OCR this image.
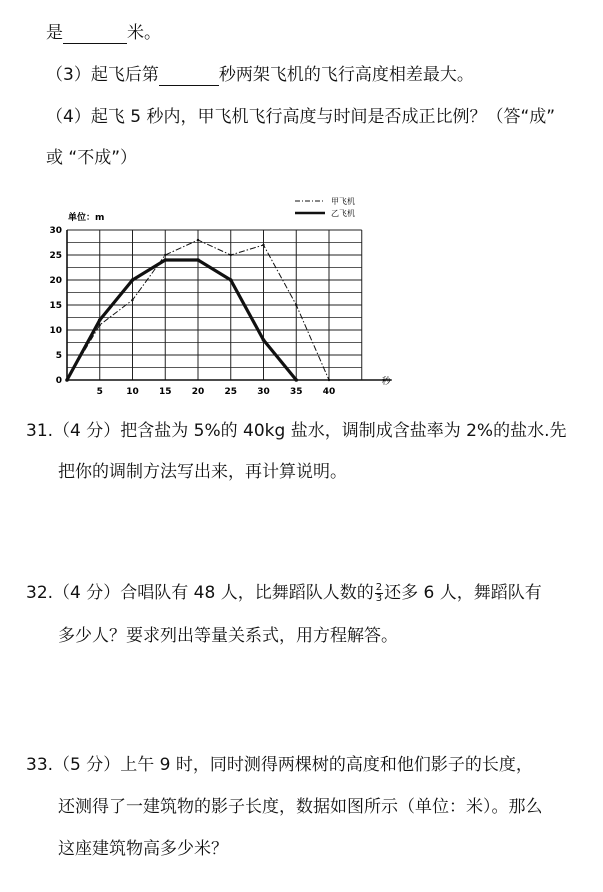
是	米。
（3）起飞后第	秒两架飞机的飞行高度相差最大。
（4）起飞 5 秒内，甲飞机飞行高度与时间是否成正比例？（答“成”
或 “不成”）
单位：m
0
5
10
15
20
25
30
5	10 15 20 25 30 35 40
秒
甲飞机
乙飞机
31.（4 分）把含盐为 5%的 40kg 盐水，调制成含盐率为 2%的盐水.先
把你的调制方法写出来，再计算说明。
32.（4 分）合唱队有 48 人，比舞蹈队人数的 $\frac{2}{3}$ 还多 6 人，舞蹈队有
多少人？要求列出等量关系式，用方程解答。
33.（5 分）上午 9 时，同时测得两棵树的高度和他们影子的长度，
还测得了一建筑物的影子长度，数据如图所示（单位：米）。那么
这座建筑物高多少米？
